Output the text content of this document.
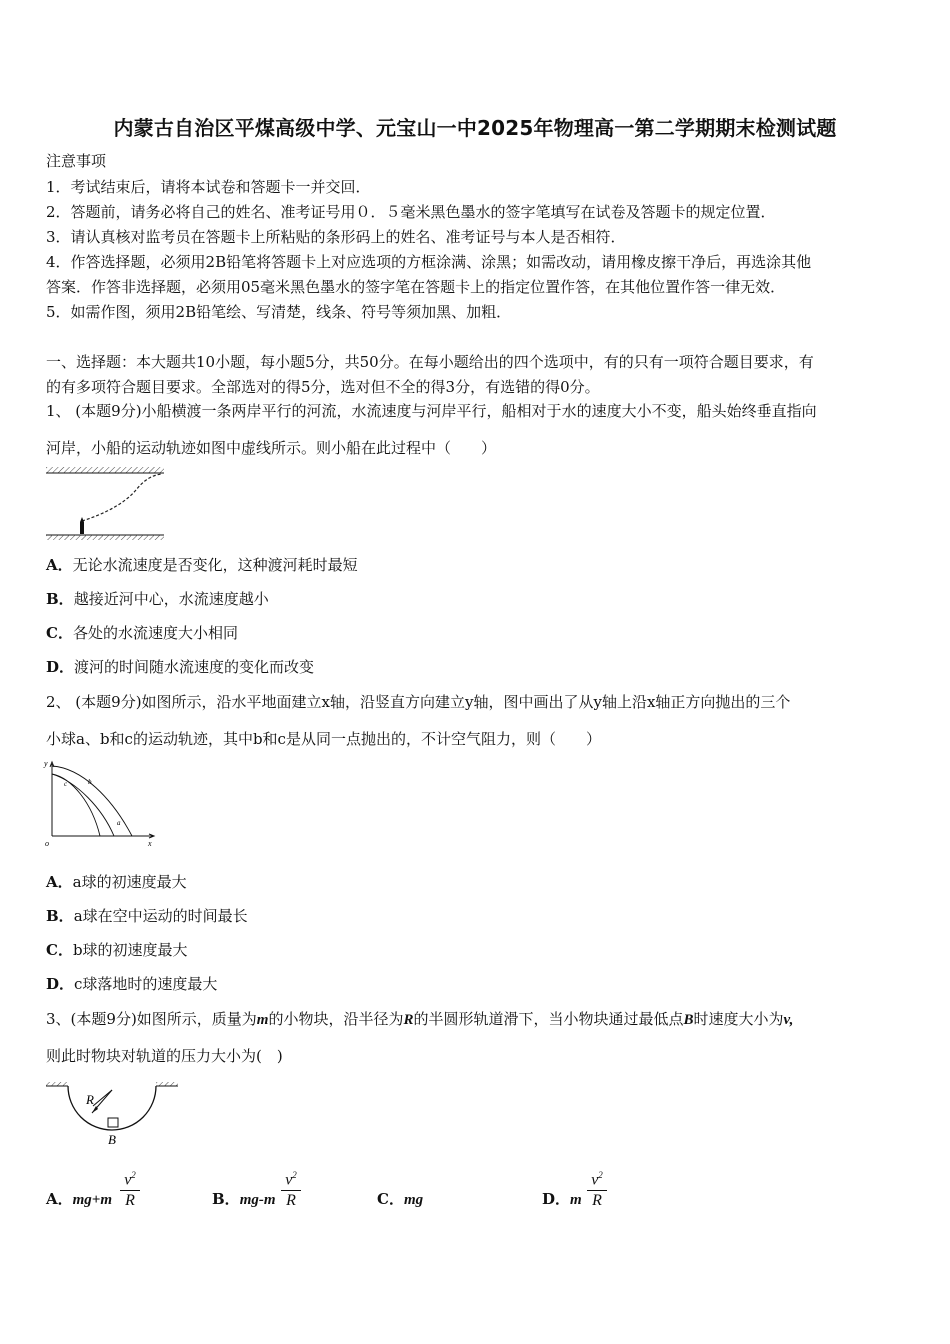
内蒙古自治区平煤高级中学、元宝山一中2025年物理高一第二学期期末检测试题
注意事项
1．考试结束后，请将本试卷和答题卡一并交回．
2．答题前，请务必将自己的姓名、准考证号用０．５毫米黑色墨水的签字笔填写在试卷及答题卡的规定位置．
3．请认真核对监考员在答题卡上所粘贴的条形码上的姓名、准考证号与本人是否相符．
4．作答选择题，必须用2B铅笔将答题卡上对应选项的方框涂满、涂黑；如需改动，请用橡皮擦干净后，再选涂其他
答案．作答非选择题，必须用05毫米黑色墨水的签字笔在答题卡上的指定位置作答，在其他位置作答一律无效．
5．如需作图，须用2B铅笔绘、写清楚，线条、符号等须加黑、加粗．
一、选择题：本大题共10小题，每小题5分，共50分。在每小题给出的四个选项中，有的只有一项符合题目要求，有
的有多项符合题目要求。全部选对的得5分，选对但不全的得3分，有选错的得0分。
1、 (本题9分)小船横渡一条两岸平行的河流，水流速度与河岸平行，船相对于水的速度大小不变，船头始终垂直指向
河岸，小船的运动轨迹如图中虚线所示。则小船在此过程中（　　）
A．无论水流速度是否变化，这种渡河耗时最短
B．越接近河中心，水流速度越小
C．各处的水流速度大小相同
D．渡河的时间随水流速度的变化而改变
2、 (本题9分)如图所示，沿水平地面建立x轴，沿竖直方向建立y轴，图中画出了从y轴上沿x轴正方向抛出的三个
小球a、b和c的运动轨迹，其中b和c是从同一点抛出的，不计空气阻力，则（　　）
y
o	x
a
b
c
A．a球的初速度最大
B．a球在空中运动的时间最长
C．b球的初速度最大
D．c球落地时的速度最大
3、(本题9分)如图所示，质量为m的小物块，沿半径为R的半圆形轨道滑下，当小物块通过最低点B时速度大小为v,
则此时物块对轨道的压力大小为(　)
R
B
A．mg+m
$v^2$
R	B．mg-m
$v^2$
R	C．mg	D．m
$v^2$
R
